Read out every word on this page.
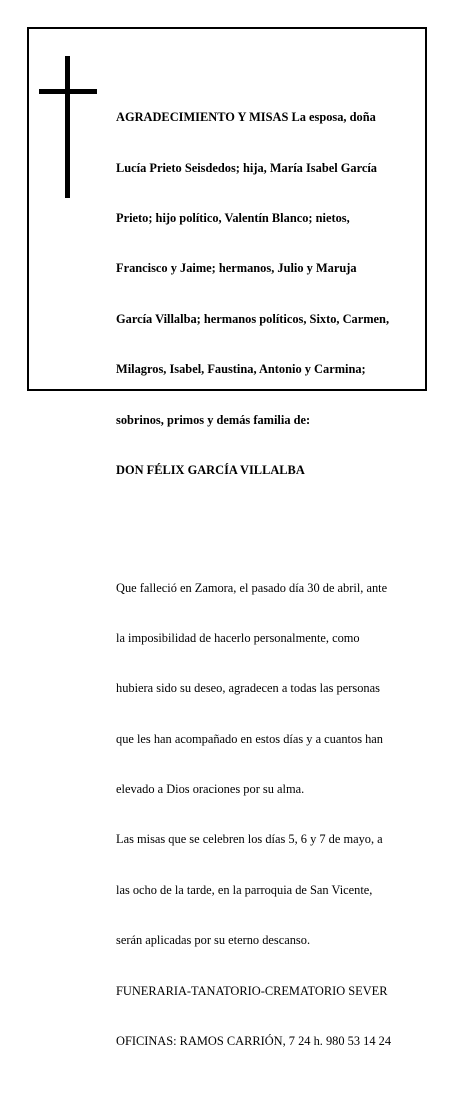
AGRADECIMIENTO Y MISAS La esposa, doña

Lucía Prieto Seisdedos; hija, María Isabel García

Prieto; hijo político, Valentín Blanco; nietos,

Francisco y Jaime; hermanos, Julio y Maruja

García Villalba; hermanos políticos, Sixto, Carmen,

Milagros, Isabel, Faustina, Antonio y Carmina;

sobrinos, primos y demás familia de:

DON FÉLIX GARCÍA VILLALBA

Que falleció en Zamora, el pasado día 30 de abril, ante

la imposibilidad de hacerlo personalmente, como

hubiera sido su deseo, agradecen a todas las personas

que les han acompañado en estos días y a cuantos han

elevado a Dios oraciones por su alma.

Las misas que se celebren los días 5, 6 y 7 de mayo, a

las ocho de la tarde, en la parroquia de San Vicente,

serán aplicadas por su eterno descanso.

FUNERARIA-TANATORIO-CREMATORIO SEVER

OFICINAS: RAMOS CARRIÓN, 7 24 h. 980 53 14 24
